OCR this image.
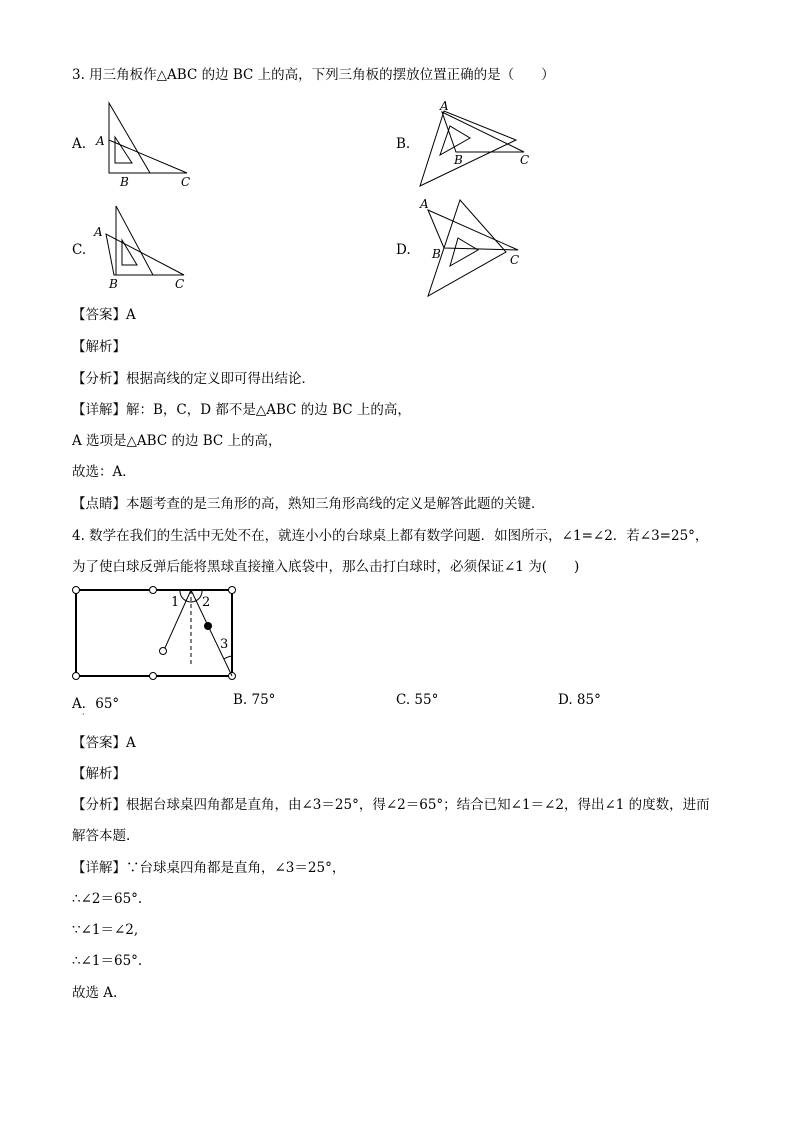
3. 用三角板作△ABC 的边 BC 上的高，下列三角板的摆放位置正确的是（　　）
A. A
B	C
B.
A
B	C
C.
A
B	C
D.
A
B	C
【答案】A
【解析】
【分析】根据高线的定义即可得出结论．
【详解】解：B，C，D 都不是△ABC 的边 BC 上的高，
A 选项是△ABC 的边 BC 上的高，
故选：A．
【点睛】本题考查的是三角形的高，熟知三角形高线的定义是解答此题的关键．
4. 数学在我们的生活中无处不在，就连小小的台球桌上都有数学问题．如图所示，∠1=∠2．若∠3=25°，
为了使白球反弹后能将黑球直接撞入底袋中，那么击打白球时，必须保证∠1 为(　　)
1 2
3
A．65°	B. 75°	C. 55°	D. 85°
·
【答案】A
【解析】
【分析】根据台球桌四角都是直角，由∠3＝25°，得∠2＝65°；结合已知∠1＝∠2，得出∠1 的度数，进而
解答本题.
【详解】∵台球桌四角都是直角，∠3＝25°，
∴∠2＝65°.
∵∠1＝∠2,
∴∠1＝65°.
故选 A.
